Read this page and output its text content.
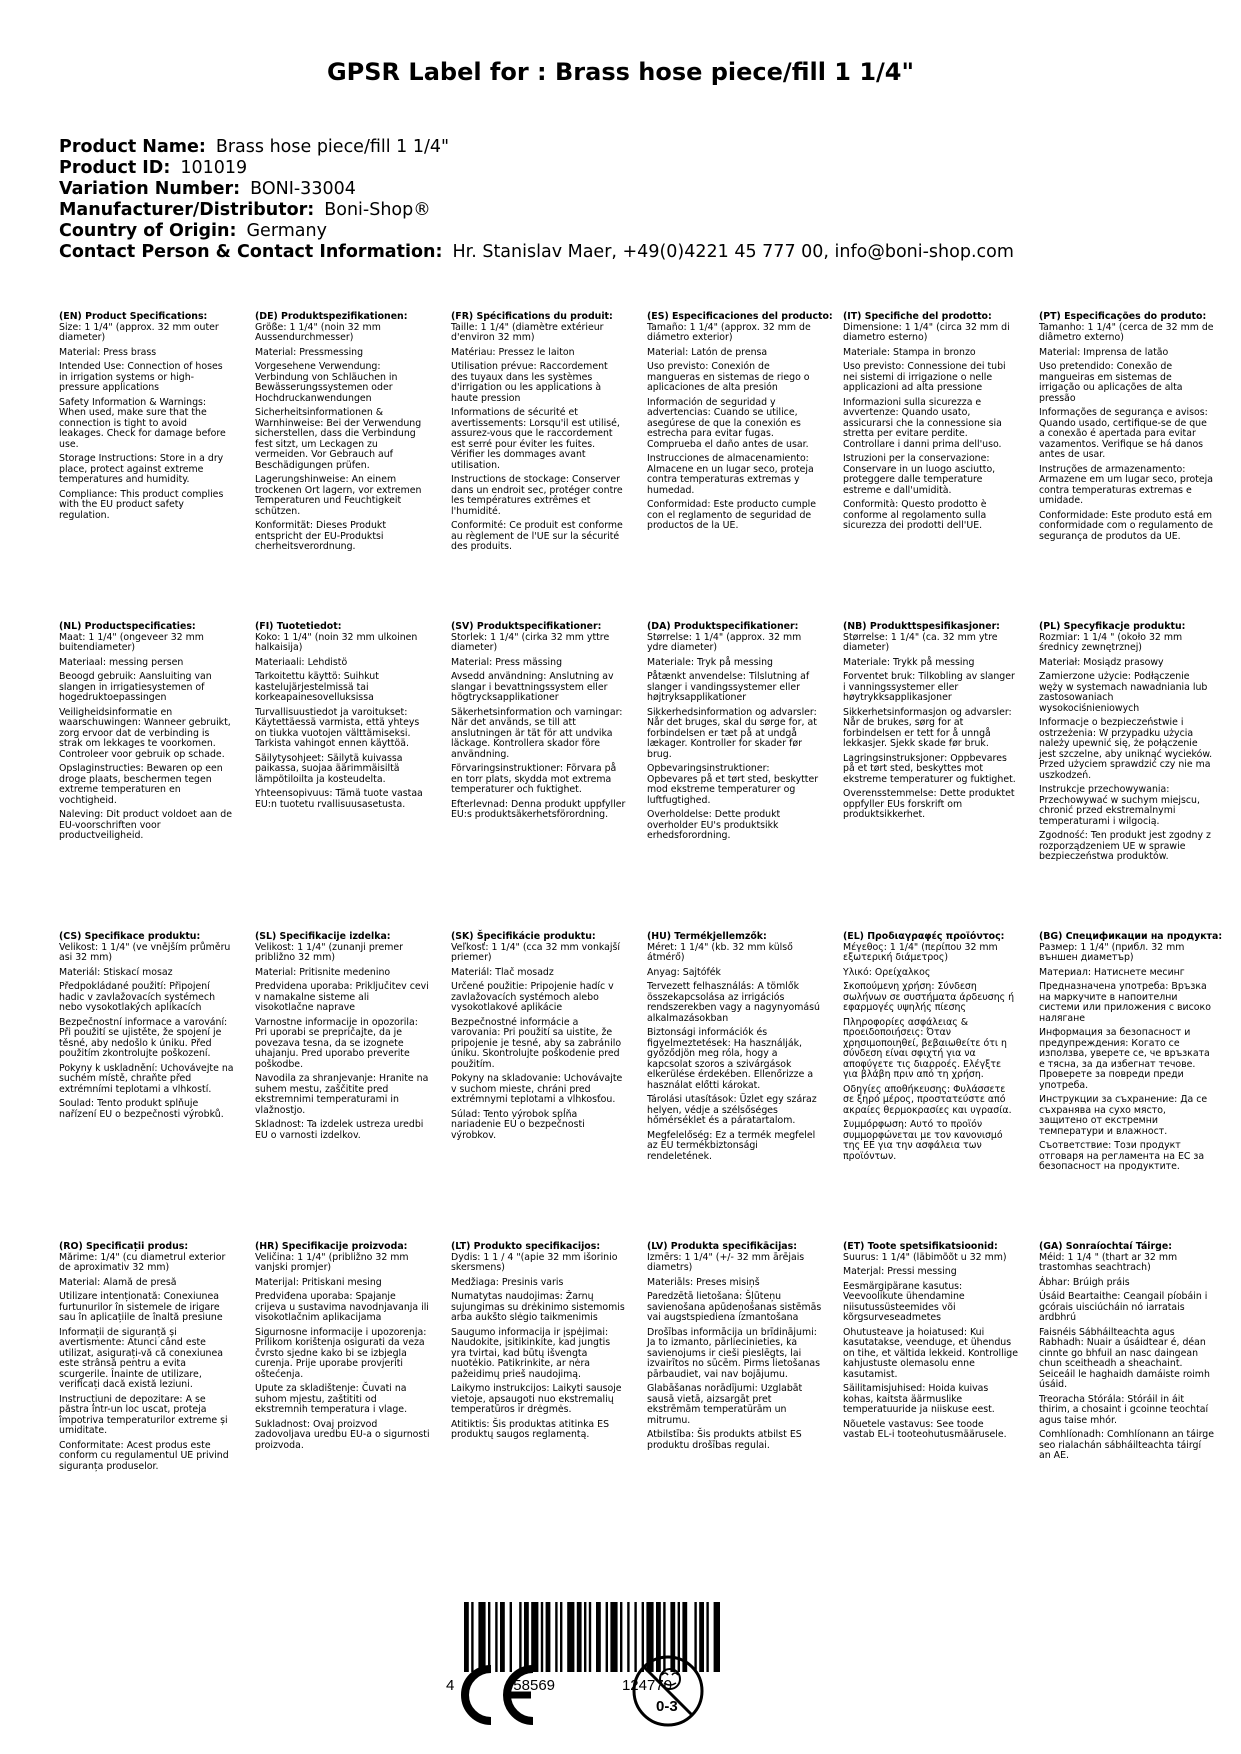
GPSR Label for : Brass hose piece/fill 1 1/4"
Product Name: Brass hose piece/fill 1 1/4"
Product ID: 101019
Variation Number: BONI-33004
Manufacturer/Distributor: Boni-Shop®
Country of Origin: Germany
Contact Person & Contact Information: Hr. Stanislav Maer, +49(0)4221 45 777 00, info@boni-shop.com
(EN) Product Specifications:

Size: 1 1/4" (approx. 32 mm outer diameter)

Material: Press brass

Intended Use: Connection of hoses in irrigation systems or high-pressure applications

Safety Information & Warnings: When used, make sure that the connection is tight to avoid leakages. Check for damage before use.

Storage Instructions: Store in a dry place, protect against extreme temperatures and humidity.

Compliance: This product complies with the EU product safety regulation.

(DE) Produktspezifikationen:

Größe: 1 1/4" (noin 32 mm Aussendurchmesser)

Material: Pressmessing

Vorgesehene Verwendung: Verbindung von Schläuchen in Bewässerungssystemen oder Hochdruckanwendungen

Sicherheitsinformationen & Warnhinweise: Bei der Verwendung sicherstellen, dass die Verbindung fest sitzt, um Leckagen zu vermeiden. Vor Gebrauch auf Beschädigungen prüfen.

Lagerungshinweise: An einem trockenen Ort lagern, vor extremen Temperaturen und Feuchtigkeit schützen.

Konformität: Dieses Produkt entspricht der EU-Produktsi cherheitsverordnung.

(FR) Spécifications du produit:

Taille: 1 1/4" (diamètre extérieur d'environ 32 mm)

Matériau: Pressez le laiton

Utilisation prévue: Raccordement des tuyaux dans les systèmes d'irrigation ou les applications à haute pression

Informations de sécurité et avertissements: Lorsqu'il est utilisé, assurez-vous que le raccordement est serré pour éviter les fuites. Vérifier les dommages avant utilisation.

Instructions de stockage: Conserver dans un endroit sec, protéger contre les températures extrêmes et l'humidité.

Conformité: Ce produit est conforme au règlement de l'UE sur la sécurité des produits.

(ES) Especificaciones del producto:

Tamaño: 1 1/4" (approx. 32 mm de diámetro exterior)

Material: Latón de prensa

Uso previsto: Conexión de mangueras en sistemas de riego o aplicaciones de alta presión

Información de seguridad y advertencias: Cuando se utilice, asegúrese de que la conexión es estrecha para evitar fugas. Comprueba el daño antes de usar.

Instrucciones de almacenamiento: Almacene en un lugar seco, proteja contra temperaturas extremas y humedad.

Conformidad: Este producto cumple con el reglamento de seguridad de productos de la UE.

(IT) Specifiche del prodotto:

Dimensione: 1 1/4" (circa 32 mm di diametro esterno)

Materiale: Stampa in bronzo

Uso previsto: Connessione dei tubi nei sistemi di irrigazione o nelle applicazioni ad alta pressione

Informazioni sulla sicurezza e avvertenze: Quando usato, assicurarsi che la connessione sia stretta per evitare perdite. Controllare i danni prima dell'uso.

Istruzioni per la conservazione: Conservare in un luogo asciutto, proteggere dalle temperature estreme e dall'umidità.

Conformità: Questo prodotto è conforme al regolamento sulla sicurezza dei prodotti dell'UE.

(PT) Especificações do produto:

Tamanho: 1 1/4" (cerca de 32 mm de diâmetro externo)

Material: Imprensa de latão

Uso pretendido: Conexão de mangueiras em sistemas de irrigação ou aplicações de alta pressão

Informações de segurança e avisos: Quando usado, certifique-se de que a conexão é apertada para evitar vazamentos. Verifique se há danos antes de usar.

Instruções de armazenamento: Armazene em um lugar seco, proteja contra temperaturas extremas e umidade.

Conformidade: Este produto está em conformidade com o regulamento de segurança de produtos da UE.

(NL) Productspecificaties:

Maat: 1 1/4" (ongeveer 32 mm buitendiameter)

Materiaal: messing persen

Beoogd gebruik: Aansluiting van slangen in irrigatiesystemen of hogedruktoepassingen

Veiligheidsinformatie en waarschuwingen: Wanneer gebruikt, zorg ervoor dat de verbinding is strak om lekkages te voorkomen. Controleer voor gebruik op schade.

Opslaginstructies: Bewaren op een droge plaats, beschermen tegen extreme temperaturen en vochtigheid.

Naleving: Dit product voldoet aan de EU-voorschriften voor productveiligheid.

(FI) Tuotetiedot:

Koko: 1 1/4" (noin 32 mm ulkoinen halkaisija)

Materiaali: Lehdistö

Tarkoitettu käyttö: Suihkut kastelujärjestelmissä tai korkeapainesovelluksissa

Turvallisuustiedot ja varoitukset: Käytettäessä varmista, että yhteys on tiukka vuotojen välttämiseksi. Tarkista vahingot ennen käyttöä.

Säilytysohjeet: Säilytä kuivassa paikassa, suojaa äärimmäisiltä lämpötiloilta ja kosteudelta.

Yhteensopivuus: Tämä tuote vastaa EU:n tuotetu rvallisuusasetusta.

(SV) Produktspecifikationer:

Storlek: 1 1/4" (cirka 32 mm yttre diameter)

Material: Press mässing

Avsedd användning: Anslutning av slangar i bevattningssystem eller högtrycksapplikationer

Säkerhetsinformation och varningar: När det används, se till att anslutningen är tät för att undvika läckage. Kontrollera skador före användning.

Förvaringsinstruktioner: Förvara på en torr plats, skydda mot extrema temperaturer och fuktighet.

Efterlevnad: Denna produkt uppfyller EU:s produktsäkerhetsförordning.

(DA) Produktspecifikationer:

Størrelse: 1 1/4" (approx. 32 mm ydre diameter)

Materiale: Tryk på messing

Påtænkt anvendelse: Tilslutning af slanger i vandingssystemer eller højtryksapplikationer

Sikkerhedsinformation og advarsler: Når det bruges, skal du sørge for, at forbindelsen er tæt på at undgå lækager. Kontroller for skader før brug.

Opbevaringsinstruktioner: Opbevares på et tørt sted, beskytter mod ekstreme temperaturer og luftfugtighed.

Overholdelse: Dette produkt overholder EU's produktsikk erhedsforordning.

(NB) Produkttspesifikasjoner:

Størrelse: 1 1/4" (ca. 32 mm ytre diameter)

Materiale: Trykk på messing

Forventet bruk: Tilkobling av slanger i vanningssystemer eller høytrykksapplikasjoner

Sikkerhetsinformasjon og advarsler: Når de brukes, sørg for at forbindelsen er tett for å unngå lekkasjer. Sjekk skade før bruk.

Lagringsinstruksjoner: Oppbevares på et tørt sted, beskyttes mot ekstreme temperaturer og fuktighet.

Overensstemmelse: Dette produktet oppfyller EUs forskrift om produktsikkerhet.

(PL) Specyfikacje produktu:

Rozmiar: 1 1/4 " (około 32 mm średnicy zewnętrznej)

Materiał: Mosiądz prasowy

Zamierzone użycie: Podłączenie węży w systemach nawadniania lub zastosowaniach wysokociśnieniowych

Informacje o bezpieczeństwie i ostrzeżenia: W przypadku użycia należy upewnić się, że połączenie jest szczelne, aby uniknąć wycieków. Przed użyciem sprawdzić czy nie ma uszkodzeń.

Instrukcje przechowywania: Przechowywać w suchym miejscu, chronić przed ekstremalnymi temperaturami i wilgocią.

Zgodność: Ten produkt jest zgodny z rozporządzeniem UE w sprawie bezpieczeństwa produktów.

(CS) Specifikace produktu:

Velikost: 1 1/4" (ve vnějším průměru asi 32 mm)

Materiál: Stiskací mosaz

Předpokládané použití: Připojení hadic v zavlažovacích systémech nebo vysokotlakých aplikacích

Bezpečnostní informace a varování: Při použití se ujistěte, že spojení je těsné, aby nedošlo k úniku. Před použitím zkontrolujte poškození.

Pokyny k uskladnění: Uchovávejte na suchém místě, chraňte před extrémními teplotami a vlhkostí.

Soulad: Tento produkt splňuje nařízení EU o bezpečnosti výrobků.

(SL) Specifikacije izdelka:

Velikost: 1 1/4" (zunanji premer približno 32 mm)

Material: Pritisnite medenino

Predvidena uporaba: Priključitev cevi v namakalne sisteme ali visokotlačne naprave

Varnostne informacije in opozorila: Pri uporabi se prepričajte, da je povezava tesna, da se izognete uhajanju. Pred uporabo preverite poškodbe.

Navodila za shranjevanje: Hranite na suhem mestu, zaščitite pred ekstremnimi temperaturami in vlažnostjo.

Skladnost: Ta izdelek ustreza uredbi EU o varnosti izdelkov.

(SK) Špecifikácie produktu:

Veľkosť: 1 1/4" (cca 32 mm vonkajší priemer)

Materiál: Tlač mosadz

Určené použitie: Pripojenie hadíc v zavlažovacích systémoch alebo vysokotlakové aplikácie

Bezpečnostné informácie a varovania: Pri použití sa uistite, že pripojenie je tesné, aby sa zabránilo úniku. Skontrolujte poškodenie pred použitím.

Pokyny na skladovanie: Uchovávajte v suchom mieste, chráni pred extrémnymi teplotami a vlhkosťou.

Súlad: Tento výrobok spĺňa nariadenie EÚ o bezpečnosti výrobkov.

(HU) Termékjellemzők:

Méret: 1 1/4" (kb. 32 mm külső átmérő)

Anyag: Sajtófék

Tervezett felhasználás: A tömlők összekapcsolása az irrigációs rendszerekben vagy a nagynyomású alkalmazásokban

Biztonsági információk és figyelmeztetések: Ha használják, győződjön meg róla, hogy a kapcsolat szoros a szivárgások elkerülése érdekében. Ellenőrizze a használat előtti károkat.

Tárolási utasítások: Üzlet egy száraz helyen, védje a szélsőséges hőmérséklet és a páratartalom.

Megfelelőség: Ez a termék megfelel az EU termékbiztonsági rendeletének.

(EL) Προδιαγραφές προϊόντος:

Μέγεθος: 1 1/4" (περίπου 32 mm εξωτερική διάμετρος)

Υλικό: Ορείχαλκος

Σκοπούμενη χρήση: Σύνδεση σωλήνων σε συστήματα άρδευσης ή εφαρμογές υψηλής πίεσης

Πληροφορίες ασφάλειας & προειδοποιήσεις: Όταν χρησιμοποιηθεί, βεβαιωθείτε ότι η σύνδεση είναι σφιχτή για να αποφύγετε τις διαρροές. Ελέγξτε για βλάβη πριν από τη χρήση.

Οδηγίες αποθήκευσης: Φυλάσσετε σε ξηρό μέρος, προστατεύστε από ακραίες θερμοκρασίες και υγρασία.

Συμμόρφωση: Αυτό το προϊόν συμμορφώνεται με τον κανονισμό της ΕΕ για την ασφάλεια των προϊόντων.

(BG) Спецификации на продукта:

Размер: 1 1/4" (прибл. 32 mm външен диаметър)

Материал: Натиснете месинг

Предназначена употреба: Връзка на маркучите в напоителни системи или приложения с високо налягане

Информация за безопасност и предупреждения: Когато се използва, уверете се, че връзката е тясна, за да избегнат течове. Проверете за повреди преди употреба.

Инструкции за съхранение: Да се съхранява на сухо място, защитено от екстремни температури и влажност.

Съответствие: Този продукт отговаря на регламента на ЕС за безопасност на продуктите.

(RO) Specificații produs:

Mărime: 1/4" (cu diametrul exterior de aproximativ 32 mm)

Material: Alamă de presă

Utilizare intenționată: Conexiunea furtunurilor în sistemele de irigare sau în aplicațiile de înaltă presiune

Informații de siguranță și avertismente: Atunci când este utilizat, asigurați-vă că conexiunea este strânsă pentru a evita scurgerile. Înainte de utilizare, verificați dacă există leziuni.

Instrucțiuni de depozitare: A se păstra într-un loc uscat, proteja împotriva temperaturilor extreme și umiditate.

Conformitate: Acest produs este conform cu regulamentul UE privind siguranța produselor.

(HR) Specifikacije proizvoda:

Veličina: 1 1/4" (približno 32 mm vanjski promjer)

Materijal: Pritiskani mesing

Predviđena uporaba: Spajanje crijeva u sustavima navodnjavanja ili visokotlačnim aplikacijama

Sigurnosne informacije i upozorenja: Prilikom korištenja osigurati da veza čvrsto sjedne kako bi se izbjegla curenja. Prije uporabe provjeriti oštećenja.

Upute za skladištenje: Čuvati na suhom mjestu, zaštititi od ekstremnih temperatura i vlage.

Sukladnost: Ovaj proizvod zadovoljava uredbu EU-a o sigurnosti proizvoda.

(LT) Produkto specifikacijos:

Dydis: 1 1 / 4 "(apie 32 mm išorinio skersmens)

Medžiaga: Presinis varis

Numatytas naudojimas: Žarnų sujungimas su drėkinimo sistemomis arba aukšto slėgio taikmenimis

Saugumo informacija ir įspėjimai: Naudokite, įsitikinkite, kad jungtis yra tvirtai, kad būtų išvengta nuotėkio. Patikrinkite, ar nėra pažeidimų prieš naudojimą.

Laikymo instrukcijos: Laikyti sausoje vietoje, apsaugoti nuo ekstremalių temperatūros ir drėgmės.

Atitiktis: Šis produktas atitinka ES produktų saugos reglamentą.

(LV) Produkta specifikācijas:

Izmērs: 1 1/4" (+/- 32 mm ārējais diametrs)

Materiāls: Preses misiņš

Paredzētā lietošana: Šļūteņu savienošana apūdeņošanas sistēmās vai augstspiediena izmantošana

Drošības informācija un brīdinājumi: Ja to izmanto, pārliecinieties, ka savienojums ir cieši pieslēgts, lai izvairītos no sūcēm. Pirms lietošanas pārbaudiet, vai nav bojājumu.

Glabāšanas norādījumi: Uzglabāt sausā vietā, aizsargāt pret ekstrēmām temperatūrām un mitrumu.

Atbilstība: Šis produkts atbilst ES produktu drošības regulai.

(ET) Toote spetsifikatsioonid:

Suurus: 1 1/4" (läbimõõt u 32 mm)

Materjal: Pressi messing

Eesmärgipärane kasutus: Veevoolikute ühendamine niisutussüsteemides või kõrgsurveseadmetes

Ohutusteave ja hoiatused: Kui kasutatakse, veenduge, et ühendus on tihe, et vältida lekkeid. Kontrollige kahjustuste olemasolu enne kasutamist.

Säilitamisjuhised: Hoida kuivas kohas, kaitsta äärmuslike temperatuuride ja niiskuse eest.

Nõuetele vastavus: See toode vastab EL-i tooteohutusmäärusele.

(GA) Sonraíochtaí Táirge:

Méid: 1 1/4 " (thart ar 32 mm trastomhas seachtrach)

Ábhar: Brúigh práis

Úsáid Beartaithe: Ceangail píobáin i gcórais uisciúcháin nó iarratais ardbhrú

Faisnéis Sábháilteachta agus Rabhadh: Nuair a úsáidtear é, déan cinnte go bhfuil an nasc daingean chun sceitheadh a sheachaint. Seiceáil le haghaidh damáiste roimh úsáid.

Treoracha Stórála: Stóráil in áit thirim, a chosaint i gcoinne teochtaí agus taise mhór.

Comhlíonadh: Comhlíonann an táirge seo rialachán sábháilteachta táirgí an AE.

4	058569	124770
0-3
